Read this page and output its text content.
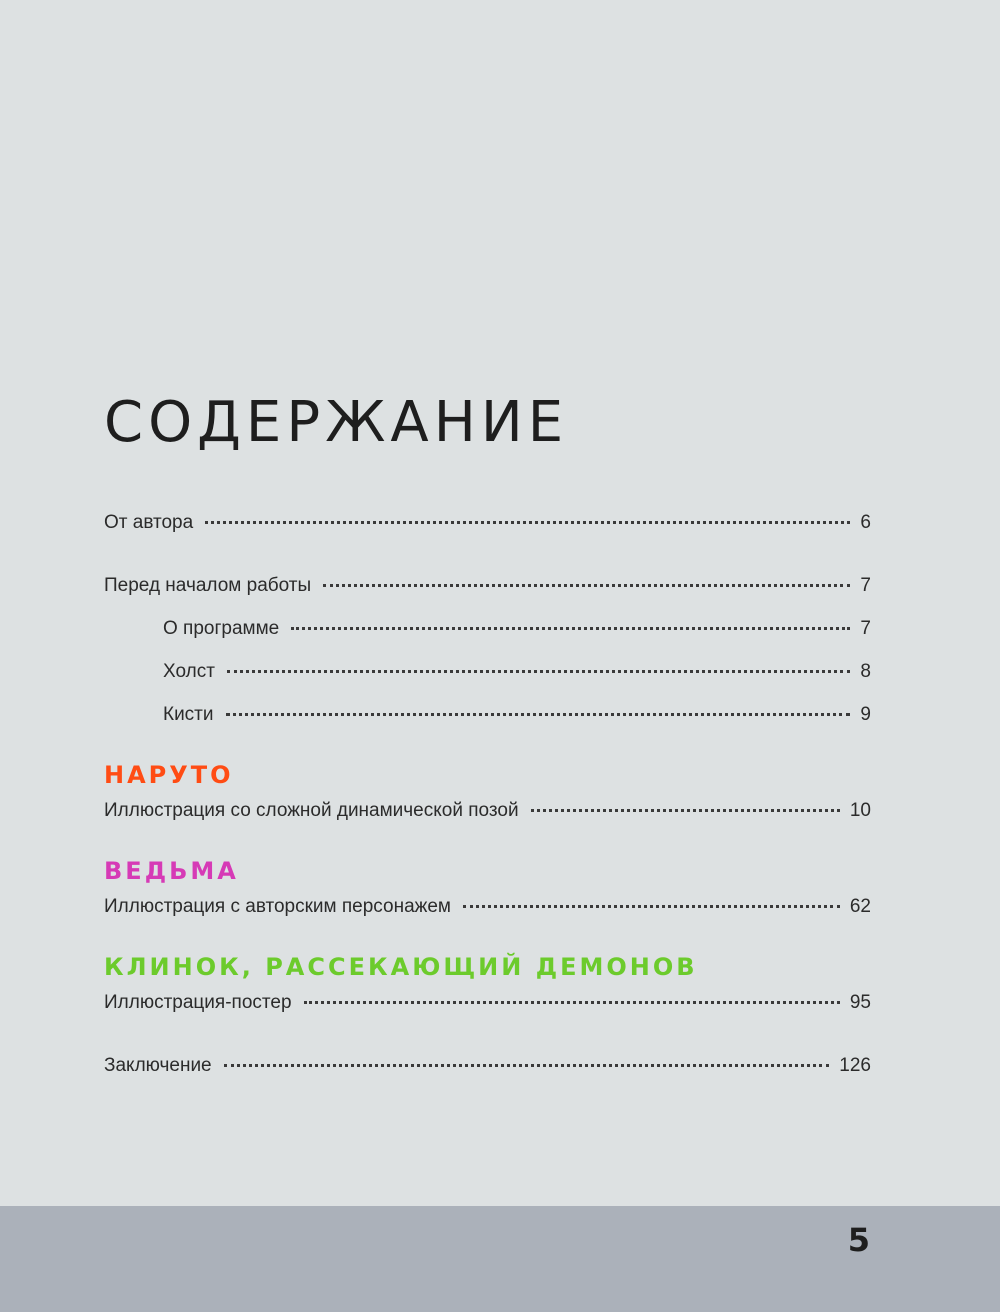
СОДЕРЖАНИЕ
От автора	6
Перед началом работы	7
О программе	7
Холст	8
Кисти	9
НАРУТО
Иллюстрация со сложной динамической позой	10
ВЕДЬМА
Иллюстрация с авторским персонажем	62
КЛИНОК, РАССЕКАЮЩИЙ ДЕМОНОВ
Иллюстрация-постер	95
Заключение	126
5
